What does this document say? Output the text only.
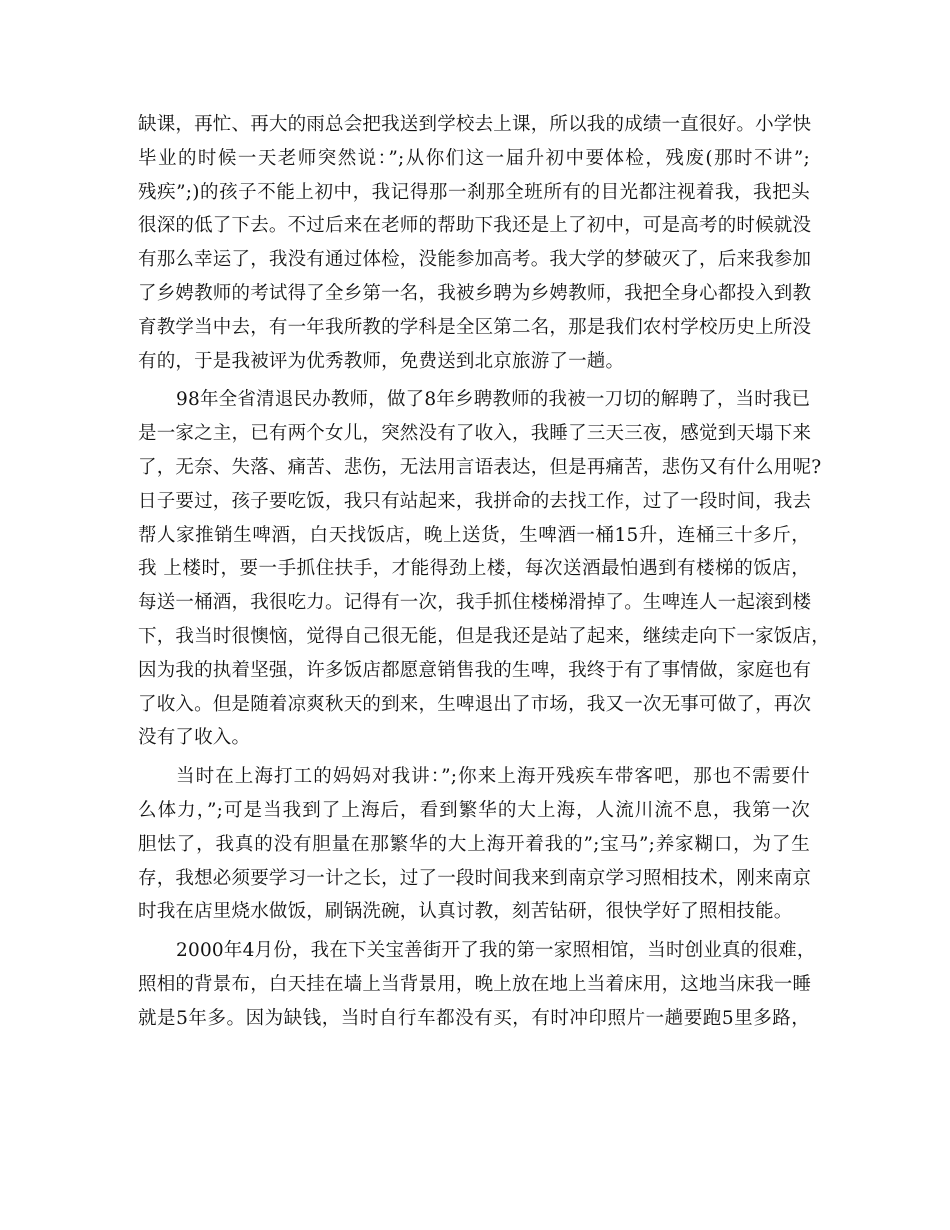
缺课，再忙、再大的雨总会把我送到学校去上课，所以我的成绩一直很好。小学快
毕业的时候一天老师突然说：”;从你们这一届升初中要体检，残废(那时不讲”;
残疾”;)的孩子不能上初中，我记得那一刹那全班所有的目光都注视着我，我把头
很深的低了下去。不过后来在老师的帮助下我还是上了初中，可是高考的时候就没
有那么幸运了，我没有通过体检，没能参加高考。我大学的梦破灭了，后来我参加
了乡娉教师的考试得了全乡第一名，我被乡聘为乡娉教师，我把全身心都投入到教
育教学当中去，有一年我所教的学科是全区第二名，那是我们农村学校历史上所没
有的，于是我被评为优秀教师，免费送到北京旅游了一趟。
98年全省清退民办教师，做了8年乡聘教师的我被一刀切的解聘了，当时我已
是一家之主，已有两个女儿，突然没有了收入，我睡了三天三夜，感觉到天塌下来
了，无奈、失落、痛苦、悲伤，无法用言语表达，但是再痛苦，悲伤又有什么用呢?
日子要过，孩子要吃饭，我只有站起来，我拼命的去找工作，过了一段时间，我去
帮人家推销生啤酒，白天找饭店，晚上送货，生啤酒一桶15升，连桶三十多斤，
我 上楼时，要一手抓住扶手，才能得劲上楼，每次送酒最怕遇到有楼梯的饭店，
每送一桶酒，我很吃力。记得有一次，我手抓住楼梯滑掉了。生啤连人一起滚到楼
下，我当时很懊恼，觉得自己很无能，但是我还是站了起来，继续走向下一家饭店，
因为我的执着坚强，许多饭店都愿意销售我的生啤，我终于有了事情做，家庭也有
了收入。但是随着凉爽秋天的到来，生啤退出了市场，我又一次无事可做了，再次
没有了收入。
当时在上海打工的妈妈对我讲：”;你来上海开残疾车带客吧，那也不需要什
么体力，”;可是当我到了上海后，看到繁华的大上海，人流川流不息，我第一次
胆怯了，我真的没有胆量在那繁华的大上海开着我的”;宝马”;养家糊口，为了生
存，我想必须要学习一计之长，过了一段时间我来到南京学习照相技术，刚来南京
时我在店里烧水做饭，刷锅洗碗，认真讨教，刻苦钻研，很快学好了照相技能。
2000年4月份，我在下关宝善街开了我的第一家照相馆，当时创业真的很难，
照相的背景布，白天挂在墙上当背景用，晚上放在地上当着床用，这地当床我一睡
就是5年多。因为缺钱，当时自行车都没有买，有时冲印照片一趟要跑5里多路，
